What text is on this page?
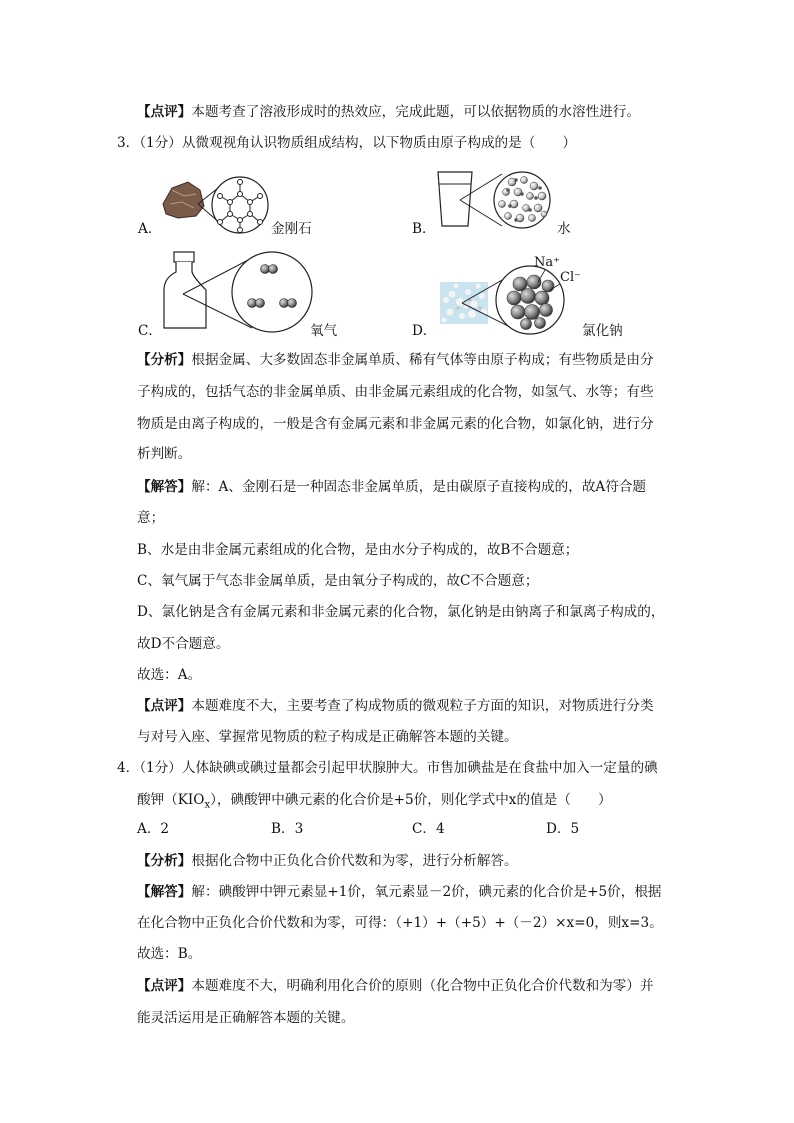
【点评】本题考查了溶液形成时的热效应，完成此题，可以依据物质的水溶性进行。
3．（1分）从微观视角认识物质组成结构，以下物质由原子构成的是（　　）
A．	金刚石	B．	水
C．	氧气	D．	氯化钠
Na⁺
Cl⁻
【分析】根据金属、大多数固态非金属单质、稀有气体等由原子构成；有些物质是由分
子构成的，包括气态的非金属单质、由非金属元素组成的化合物，如氢气、水等；有些
物质是由离子构成的，一般是含有金属元素和非金属元素的化合物，如氯化钠，进行分
析判断。
【解答】解：A、金刚石是一种固态非金属单质，是由碳原子直接构成的，故A符合题
意；
B、水是由非金属元素组成的化合物，是由水分子构成的，故B不合题意；
C、氧气属于气态非金属单质，是由氧分子构成的，故C不合题意；
D、氯化钠是含有金属元素和非金属元素的化合物，氯化钠是由钠离子和氯离子构成的，
故D不合题意。
故选：A。
【点评】本题难度不大，主要考查了构成物质的微观粒子方面的知识，对物质进行分类
与对号入座、掌握常见物质的粒子构成是正确解答本题的关键。
4．（1分）人体缺碘或碘过量都会引起甲状腺肿大。市售加碘盐是在食盐中加入一定量的碘
酸钾$(KIO_x)$，碘酸钾中碘元素的化合价是+5价，则化学式中x的值是（　　）
A．2	B．3	C．4	D．5
【分析】根据化合物中正负化合价代数和为零，进行分析解答。
【解答】解：碘酸钾中钾元素显+1价，氧元素显－2价，碘元素的化合价是+5价，根据
在化合物中正负化合价代数和为零，可得：（+1）+（+5）+（－2）×x=0，则x=3。
故选：B。
【点评】本题难度不大，明确利用化合价的原则（化合物中正负化合价代数和为零）并
能灵活运用是正确解答本题的关键。
